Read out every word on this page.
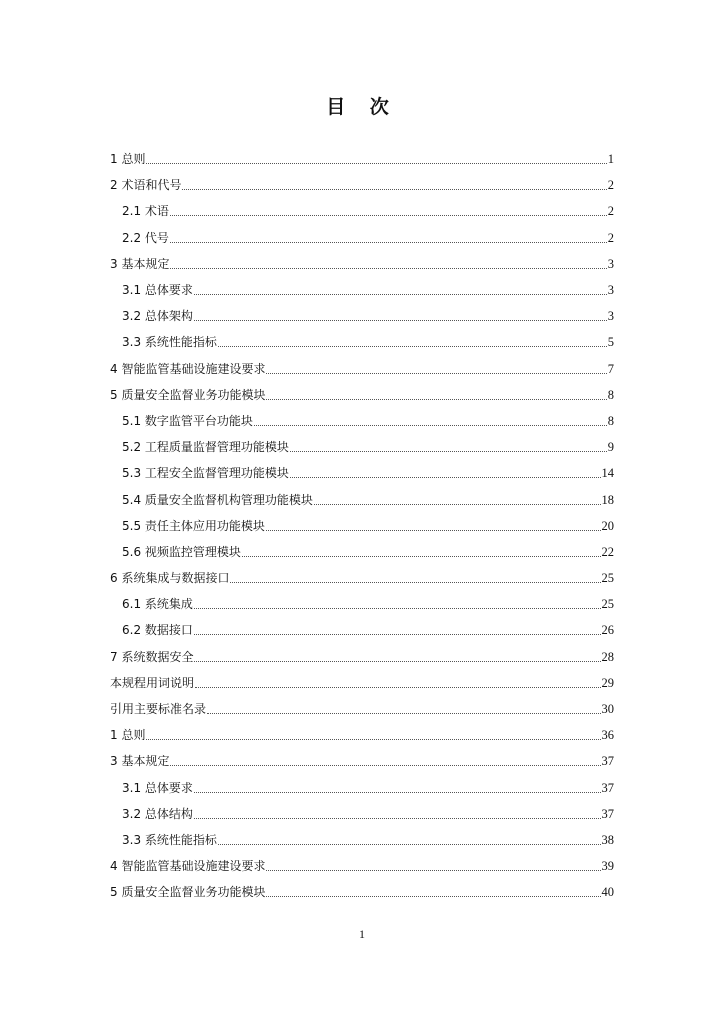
目 次
1 总则	1
2 术语和代号	2
2.1 术语	2
2.2 代号	2
3 基本规定	3
3.1 总体要求	3
3.2 总体架构	3
3.3 系统性能指标	5
4 智能监管基础设施建设要求	7
5 质量安全监督业务功能模块	8
5.1 数字监管平台功能块	8
5.2 工程质量监督管理功能模块	9
5.3 工程安全监督管理功能模块	14
5.4 质量安全监督机构管理功能模块	18
5.5 责任主体应用功能模块	20
5.6 视频监控管理模块	22
6 系统集成与数据接口	25
6.1 系统集成	25
6.2 数据接口	26
7 系统数据安全	28
本规程用词说明	29
引用主要标准名录	30
1 总则	36
3 基本规定	37
3.1 总体要求	37
3.2 总体结构	37
3.3 系统性能指标	38
4 智能监管基础设施建设要求	39
5 质量安全监督业务功能模块	40
1
